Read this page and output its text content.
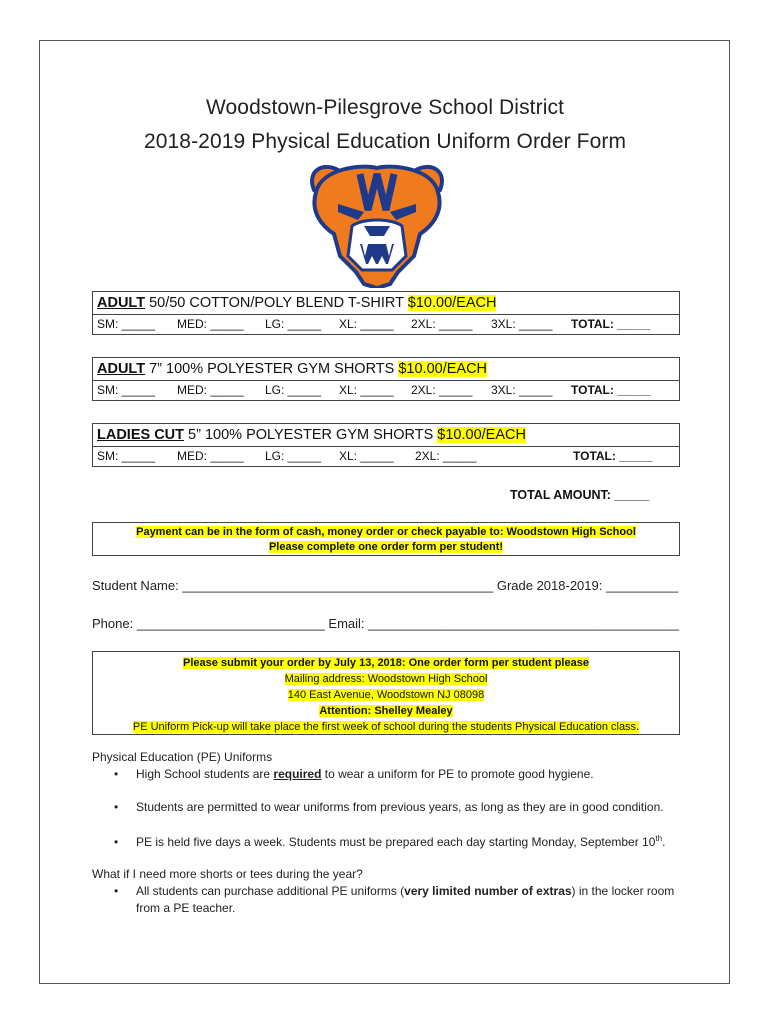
Woodstown-Pilesgrove School District
2018-2019 Physical Education Uniform Order Form
ADULT 50/50 COTTON/POLY BLEND T-SHIRT $10.00/EACH
SM: _____ MED: _____ LG: _____ XL: _____ 2XL: _____ 3XL: _____ TOTAL: _____
ADULT 7” 100% POLYESTER GYM SHORTS $10.00/EACH
SM: _____ MED: _____ LG: _____ XL: _____ 2XL: _____ 3XL: _____ TOTAL: _____
LADIES CUT 5” 100% POLYESTER GYM SHORTS $10.00/EACH
SM: _____ MED: _____ LG: _____ XL: _____ 2XL: _____	TOTAL: _____
TOTAL AMOUNT: _____
Payment can be in the form of cash, money order or check payable to: Woodstown High School
Please complete one order form per student!
Student Name: ___________________________________________ Grade 2018-2019: __________
Phone: __________________________ Email: ___________________________________________
Please submit your order by July 13, 2018: One order form per student please
Mailing address: Woodstown High School
140 East Avenue, Woodstown NJ 08098
Attention: Shelley Mealey
PE Uniform Pick-up will take place the first week of school during the students Physical Education class.
Physical Education (PE) Uniforms
• High School students are required to wear a uniform for PE to promote good hygiene.
• Students are permitted to wear uniforms from previous years, as long as they are in good condition.
• PE is held five days a week. Students must be prepared each day starting Monday, September 10th.
What if I need more shorts or tees during the year?
• All students can purchase additional PE uniforms (very limited number of extras) in the locker room
from a PE teacher.
